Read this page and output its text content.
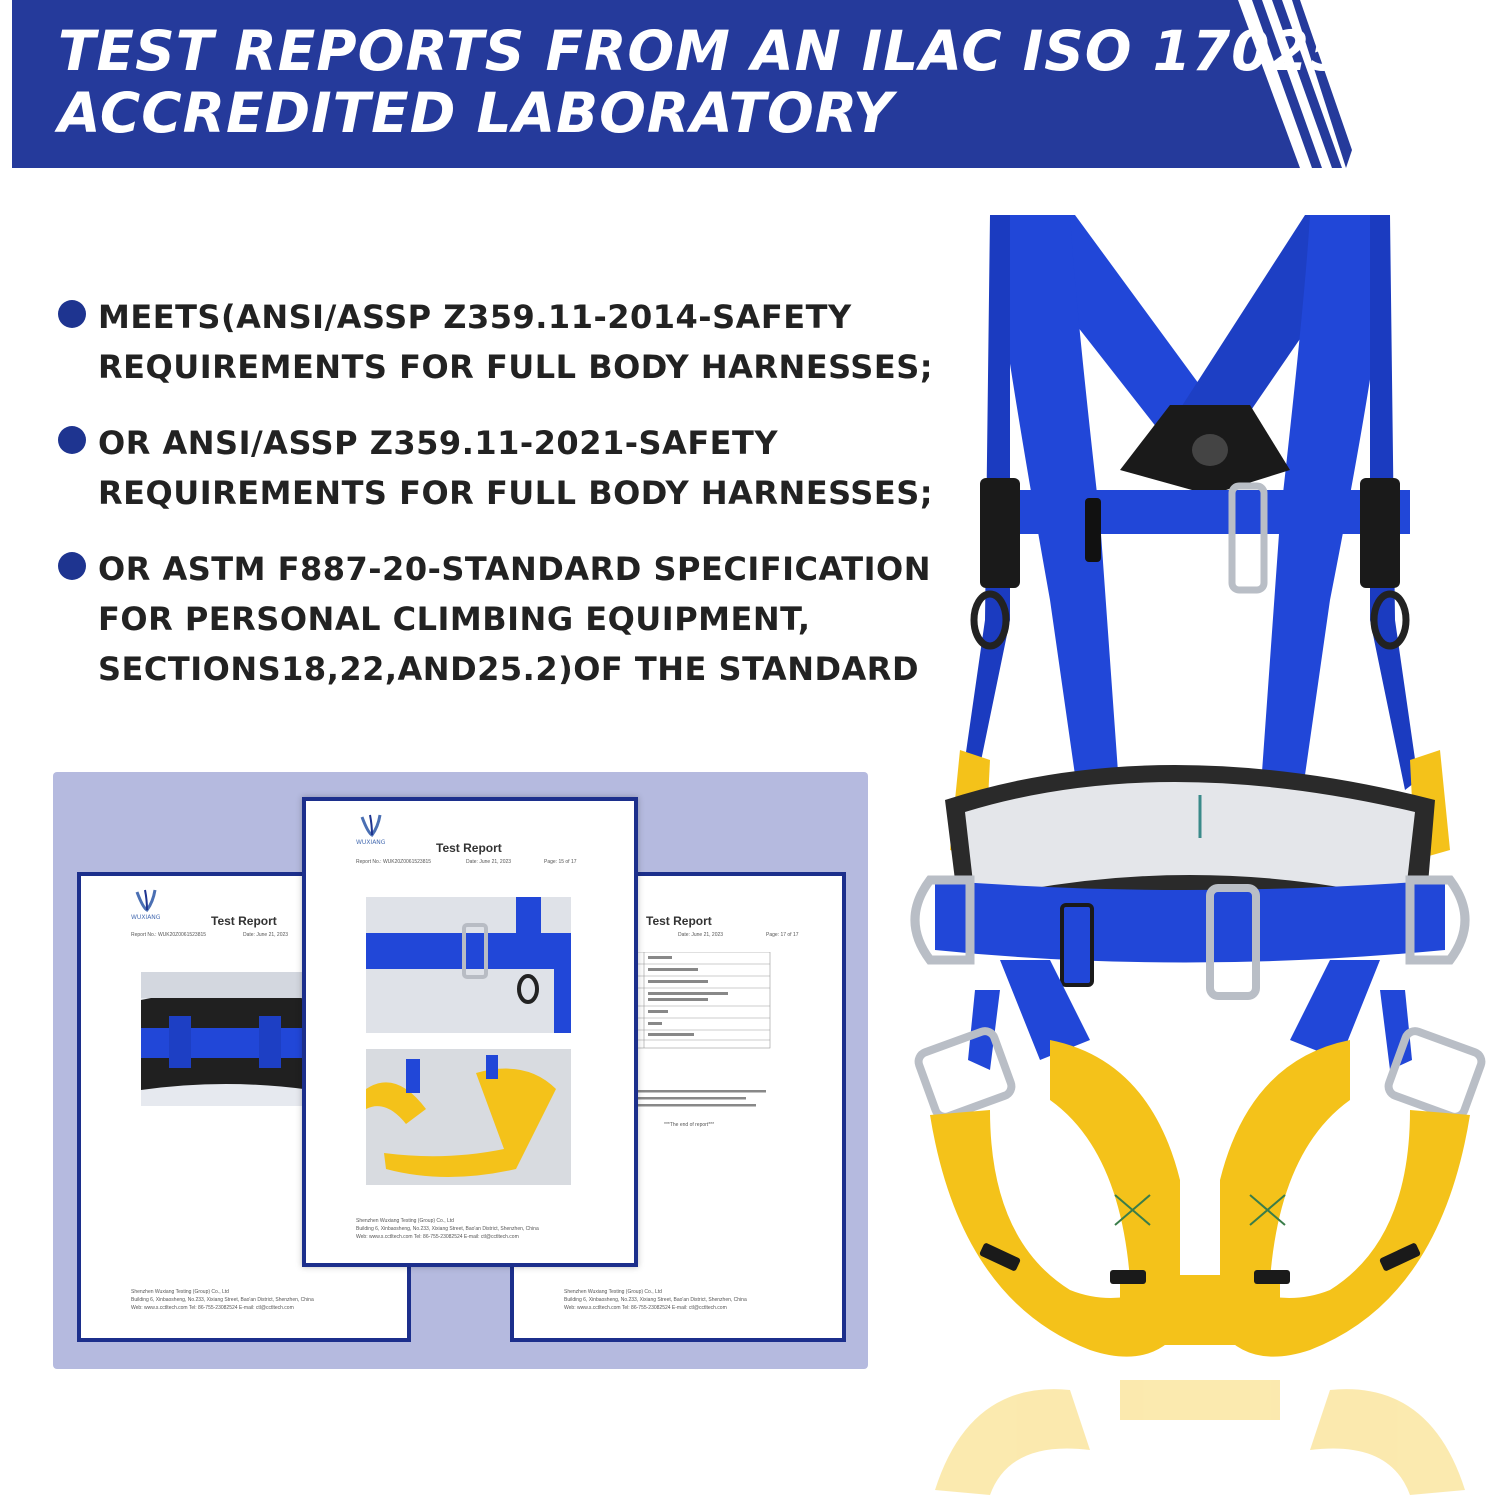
TEST REPORTS FROM AN ILAC ISO 17025
ACCREDITED LABORATORY
MEETS(ANSI/ASSP Z359.11-2014-SAFETY
REQUIREMENTS FOR FULL BODY HARNESSES;
OR ANSI/ASSP Z359.11-2021-SAFETY
REQUIREMENTS FOR FULL BODY HARNESSES;
OR ASTM F887-20-STANDARD SPECIFICATION
FOR PERSONAL CLIMBING EQUIPMENT,
SECTIONS18,22,AND25.2)OF THE STANDARD
WUXIANG	Test Report
Report No.: WUK20Z0061523815	Date: June 21, 2023
Shenzhen Wuxiang Testing (Group) Co., Ltd
Building 6, Xinbaosheng, No.233, Xixiang Street, Bao'an District, Shenzhen, China
Web: www.s.cctltech.com Tel: 86-755-23082524 E-mail: ctl@cctltech.com
Test Report
Date: June 21, 2023	Page: 17 of 17
***The end of report***
Shenzhen Wuxiang Testing (Group) Co., Ltd
Building 6, Xinbaosheng, No.233, Xixiang Street, Bao'an District, Shenzhen, China
Web: www.s.cctltech.com Tel: 86-755-23082524 E-mail: ctl@cctltech.com
WUXIANG	Test Report
Report No.: WUK20Z0061523815	Date: June 21, 2023	Page: 15 of 17
Shenzhen Wuxiang Testing (Group) Co., Ltd
Building 6, Xinbaosheng, No.233, Xixiang Street, Bao'an District, Shenzhen, China
Web: www.s.cctltech.com Tel: 86-755-23082524 E-mail: ctl@cctltech.com
